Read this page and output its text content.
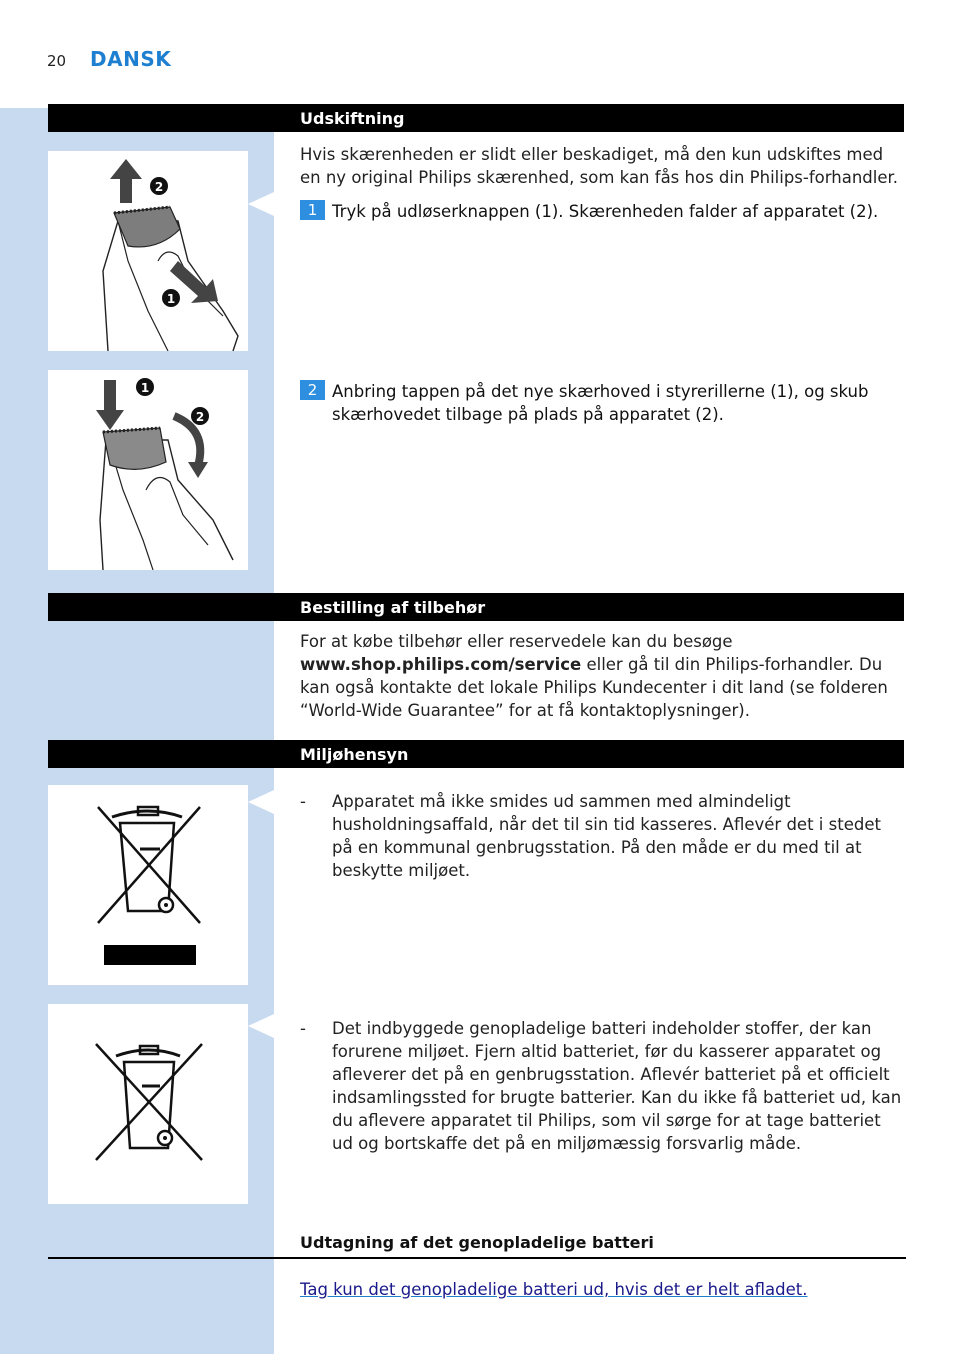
20 DANSK
Udskiftning
2
1
Hvis skærenheden er slidt eller beskadiget, må den kun udskiftes med en ny original Philips skærenhed, som kan fås hos din Philips-forhandler.
1 Tryk på udløserknappen (1). Skærenheden falder af apparatet (2).
1
2
2 Anbring tappen på det nye skærhoved i styrerillerne (1), og skub skærhovedet tilbage på plads på apparatet (2).
Bestilling af tilbehør
For at købe tilbehør eller reservedele kan du besøge www.shop.philips.com/service eller gå til din Philips-forhandler. Du kan også kontakte det lokale Philips Kundecenter i dit land (se folderen “World-Wide Guarantee” for at få kontaktoplysninger).
Miljøhensyn
- Apparatet må ikke smides ud sammen med almindeligt husholdningsaffald, når det til sin tid kasseres. Aflevér det i stedet på en kommunal genbrugsstation. På den måde er du med til at beskytte miljøet.
- Det indbyggede genopladelige batteri indeholder stoffer, der kan forurene miljøet. Fjern altid batteriet, før du kasserer apparatet og afleverer det på en genbrugsstation. Aflevér batteriet på et officielt indsamlingssted for brugte batterier. Kan du ikke få batteriet ud, kan du aflevere apparatet til Philips, som vil sørge for at tage batteriet ud og bortskaffe det på en miljømæssig forsvarlig måde.
Udtagning af det genopladelige batteri
Tag kun det genopladelige batteri ud, hvis det er helt afladet.
